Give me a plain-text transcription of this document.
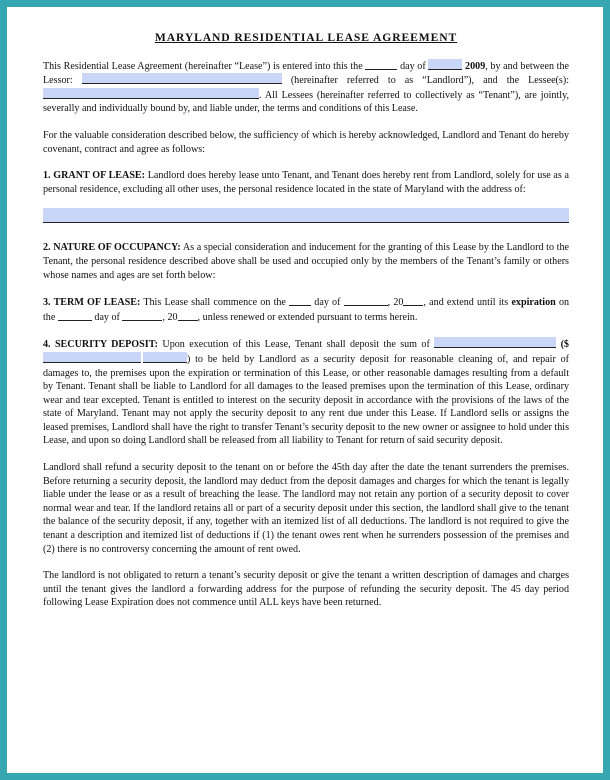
MARYLAND RESIDENTIAL LEASE AGREEMENT

This Residential Lease Agreement (hereinafter “Lease”) is entered into this the	day of	2009, by and between the Lessor:	(hereinafter referred to as “Landlord”), and the Lessee(s): . All Lessees (hereinafter referred to collectively as “Tenant”), are jointly, severally and individually bound by, and liable under, the terms and conditions of this Lease.

For the valuable consideration described below, the sufficiency of which is hereby acknowledged, Landlord and Tenant do hereby covenant, contract and agree as follows:

1. GRANT OF LEASE: Landlord does hereby lease unto Tenant, and Tenant does hereby rent from Landlord, solely for use as a personal residence, excluding all other uses, the personal residence located in the state of Maryland with the address of:

2. NATURE OF OCCUPANCY: As a special consideration and inducement for the granting of this Lease by the Landlord to the Tenant, the personal residence described above shall be used and occupied only by the members of the Tenant’s family or others whose names and ages are set forth below:

3. TERM OF LEASE: This Lease shall commence on the	day of	, 20 , and extend until its expiration on the	day of	, 20 , unless renewed or extended pursuant to terms herein.

4. SECURITY DEPOSIT: Upon execution of this Lease, Tenant shall deposit the sum of	($) to be held by Landlord as a security deposit for reasonable cleaning of, and repair of damages to, the premises upon the expiration or termination of this Lease, or other reasonable damages resulting from a default by Tenant. Tenant shall be liable to Landlord for all damages to the leased premises upon the termination of this Lease, ordinary wear and tear excepted. Tenant is entitled to interest on the security deposit in accordance with the provisions of the laws of the state of Maryland. Tenant may not apply the security deposit to any rent due under this Lease. If Landlord sells or assigns the leased premises, Landlord shall have the right to transfer Tenant’s security deposit to the new owner or assignee to hold under this Lease, and upon so doing Landlord shall be released from all liability to Tenant for return of said security deposit.

Landlord shall refund a security deposit to the tenant on or before the 45th day after the date the tenant surrenders the premises. Before returning a security deposit, the landlord may deduct from the deposit damages and charges for which the tenant is legally liable under the lease or as a result of breaching the lease. The landlord may not retain any portion of a security deposit to cover normal wear and tear. If the landlord retains all or part of a security deposit under this section, the landlord shall give to the tenant the balance of the security deposit, if any, together with an itemized list of all deductions. The landlord is not required to give the tenant a description and itemized list of deductions if (1) the tenant owes rent when he surrenders possession of the premises and (2) there is no controversy concerning the amount of rent owed.

The landlord is not obligated to return a tenant’s security deposit or give the tenant a written description of damages and charges until the tenant gives the landlord a forwarding address for the purpose of refunding the security deposit. The 45 day period following Lease Expiration does not commence until ALL keys have been returned.
